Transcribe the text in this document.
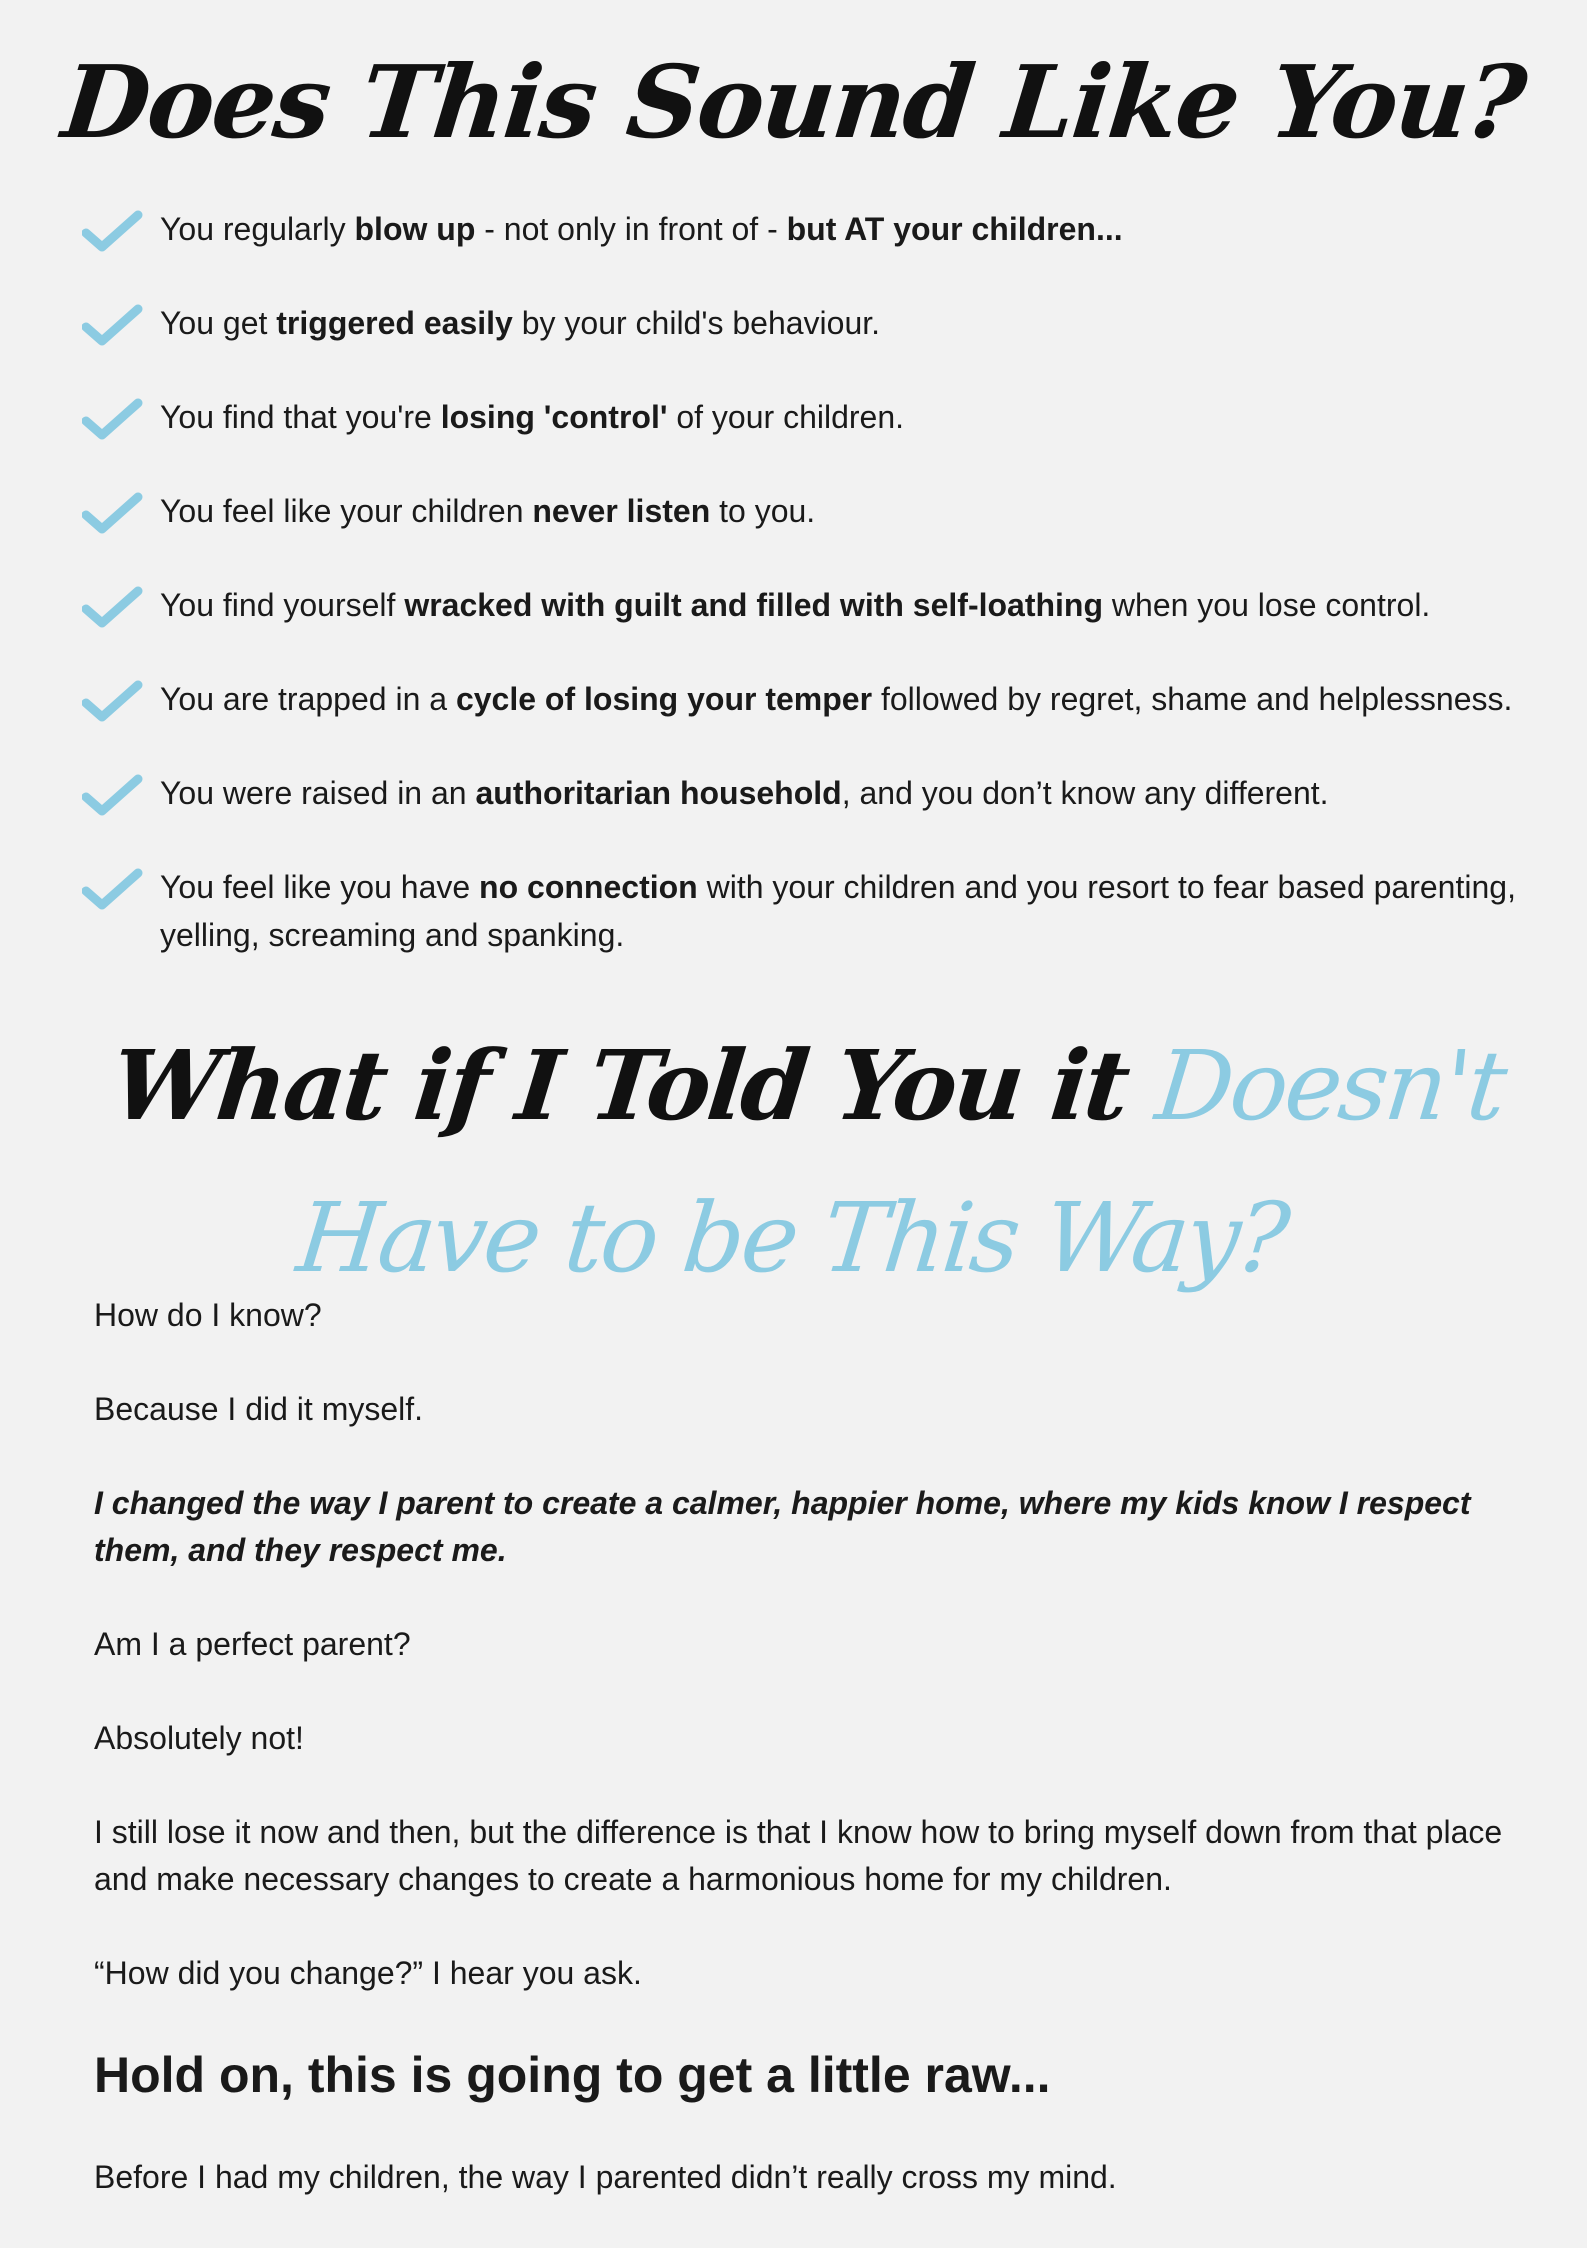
Does This Sound Like You?
You regularly blow up - not only in front of - but AT your children...
You get triggered easily by your child's behaviour.
You find that you're losing 'control' of your children.
You feel like your children never listen to you.
You find yourself wracked with guilt and filled with self-loathing when you lose control.
You are trapped in a cycle of losing your temper followed by regret, shame and helplessness.
You were raised in an authoritarian household, and you don’t know any different.
You feel like you have no connection with your children and you resort to fear based parenting, yelling, screaming and spanking.
What if I Told You it Doesn't Have to be This Way?

How do I know?

Because I did it myself.

I changed the way I parent to create a calmer, happier home, where my kids know I respect them, and they respect me.

Am I a perfect parent?

Absolutely not!

I still lose it now and then, but the difference is that I know how to bring myself down from that place and make necessary changes to create a harmonious home for my children.

“How did you change?” I hear you ask.

Hold on, this is going to get a little raw...

Before I had my children, the way I parented didn’t really cross my mind.
